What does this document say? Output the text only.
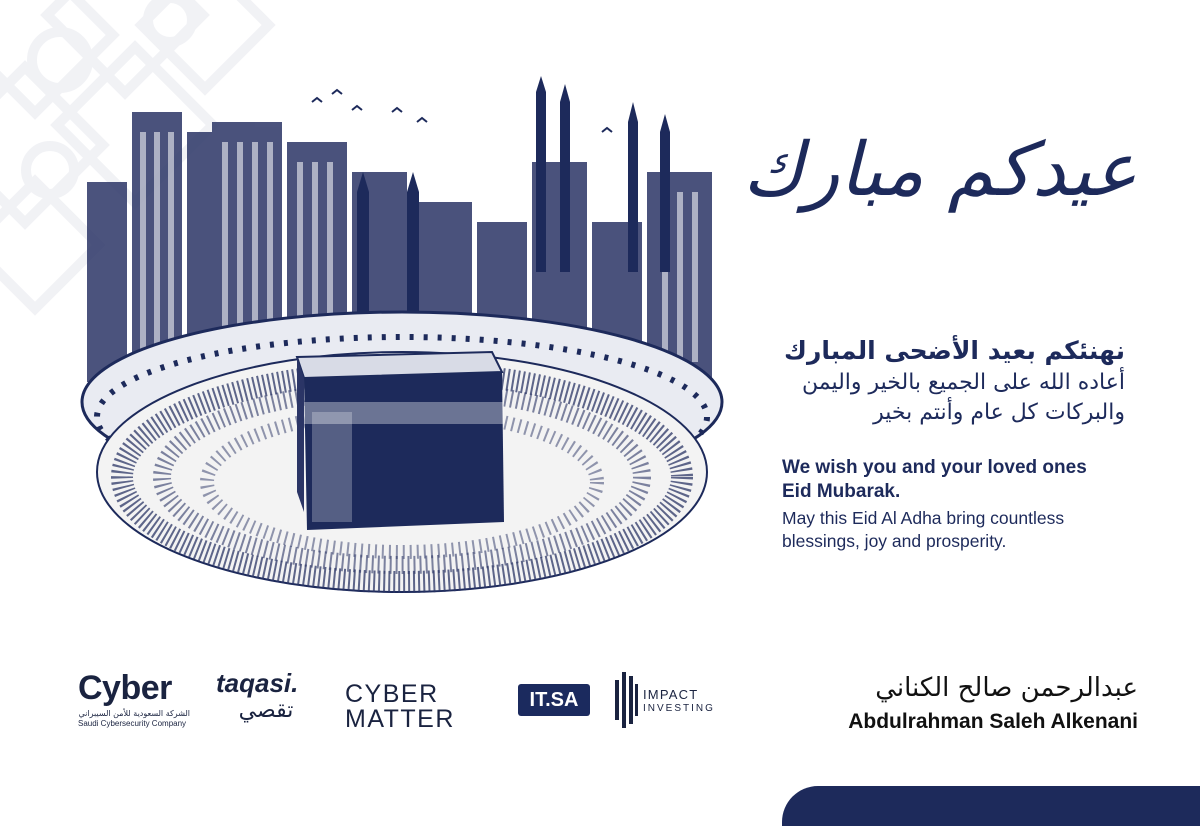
عيدكم مبارك
نهنئكم بعيد الأضحى المبارك
أعاده الله على الجميع بالخير واليمن
والبركات كل عام وأنتم بخير
We wish you and your loved ones
Eid Mubarak.
May this Eid Al Adha bring countless
blessings, joy and prosperity.
Cyber
الشركة السعودية للأمن السيبراني
Saudi Cybersecurity Company
taqasi.
تقصي
CYBER
MATTER
IT.SA	IMPACT
INVESTING
عبدالرحمن صالح الكناني
Abdulrahman Saleh Alkenani
